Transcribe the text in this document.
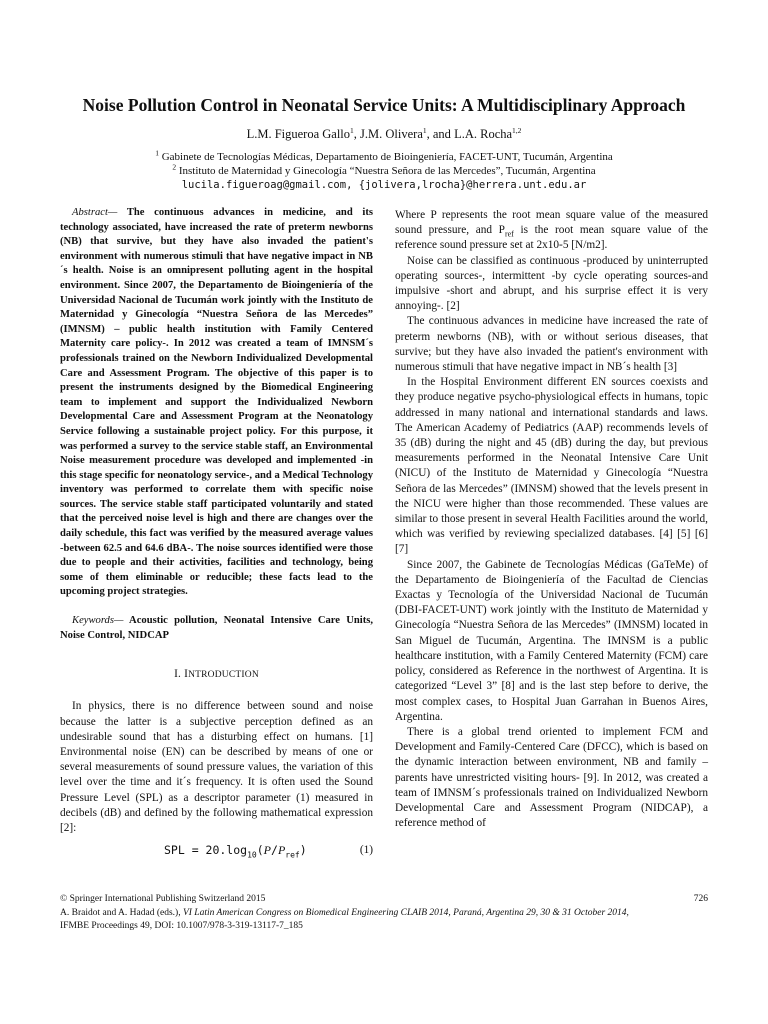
Noise Pollution Control in Neonatal Service Units: A Multidisciplinary Approach
L.M. Figueroa Gallo$^1$, J.M. Olivera$^1$, and L.A. Rocha$^{1,2}$
$^1$ Gabinete de Tecnologías Médicas, Departamento de Bioingeniería, FACET-UNT, Tucumán, Argentina
$^2$ Instituto de Maternidad y Ginecología “Nuestra Señora de las Mercedes”, Tucumán, Argentina
lucila.figueroag@gmail.com, {jolivera,lrocha}@herrera.unt.edu.ar

Abstract— The continuous advances in medicine, and its technology associated, have increased the rate of preterm newborns (NB) that survive, but they have also invaded the patient's environment with numerous stimuli that have negative impact in NB´s health. Noise is an omnipresent polluting agent in the hospital environment. Since 2007, the Departamento de Bioingeniería of the Universidad Nacional de Tucumán work jointly with the Instituto de Maternidad y Ginecología “Nuestra Señora de las Mercedes” (IMNSM) – public health institution with Family Centered Maternity care policy-. In 2012 was created a team of IMNSM´s professionals trained on the Newborn Individualized Developmental Care and Assessment Program. The objective of this paper is to present the instruments designed by the Biomedical Engineering team to implement and support the Individualized Newborn Developmental Care and Assessment Program at the Neonatology Service following a sustainable project policy. For this purpose, it was performed a survey to the service stable staff, an Environmental Noise measurement procedure was developed and implemented -in this stage specific for neonatology service-, and a Medical Technology inventory was performed to correlate them with specific noise sources. The service stable staff participated voluntarily and stated that the perceived noise level is high and there are changes over the daily schedule, this fact was verified by the measured average values -between 62.5 and 64.6 dBA-. The noise sources identified were those due to people and their activities, facilities and technology, being some of them eliminable or reducible; these facts lead to the upcoming project strategies.

Keywords— Acoustic pollution, Neonatal Intensive Care Units, Noise Control, NIDCAP

I. INTRODUCTION

In physics, there is no difference between sound and noise because the latter is a subjective perception defined as an undesirable sound that has a disturbing effect on humans. [1] Environmental noise (EN) can be described by means of one or several measurements of sound pressure values, the variation of this level over the time and it´s frequency. It is often used the Sound Pressure Level (SPL) as a descriptor parameter (1) measured in decibels (dB) and defined by the following mathematical expression [2]:

SPL = $20.\log_{10}(P/P_{ref})$	(1)

Where P represents the root mean square value of the measured sound pressure, and $P_{ref}$ is the root mean square value of the reference sound pressure set at 2x10-5 [N/m2].

Noise can be classified as continuous -produced by uninterrupted operating sources-, intermittent -by cycle operating sources-and impulsive -short and abrupt, and his surprise effect it is very annoying-. [2]

The continuous advances in medicine have increased the rate of preterm newborns (NB), with or without serious diseases, that survive; but they have also invaded the patient's environment with numerous stimuli that have negative impact in NB´s health [3]

In the Hospital Environment different EN sources coexists and they produce negative psycho-physiological effects in humans, topic addressed in many national and international standards and laws. The American Academy of Pediatrics (AAP) recommends levels of 35 (dB) during the night and 45 (dB) during the day, but previous measurements performed in the Neonatal Intensive Care Unit (NICU) of the Instituto de Maternidad y Ginecología “Nuestra Señora de las Mercedes” (IMNSM) showed that the levels present in the NICU were higher than those recommended. These values are similar to those present in several Health Facilities around the world, which was verified by reviewing specialized databases. [4] [5] [6] [7]

Since 2007, the Gabinete de Tecnologías Médicas (GaTeMe) of the Departamento de Bioingeniería of the Facultad de Ciencias Exactas y Tecnología of the Universidad Nacional de Tucumán (DBI-FACET-UNT) work jointly with the Instituto de Maternidad y Ginecología “Nuestra Señora de las Mercedes” (IMNSM) located in San Miguel de Tucumán, Argentina. The IMNSM is a public healthcare institution, with a Family Centered Maternity (FCM) care policy, considered as Reference in the northwest of Argentina. It is categorized “Level 3” [8] and is the last step before to derive, the most complex cases, to Hospital Juan Garrahan in Buenos Aires, Argentina.

There is a global trend oriented to implement FCM and Development and Family-Centered Care (DFCC), which is based on the dynamic interaction between environment, NB and family –parents have unrestricted visiting hours- [9]. In 2012, was created a team of IMNSM´s professionals trained on Individualized Newborn Developmental Care and Assessment Program (NIDCAP), a reference method of

© Springer International Publishing Switzerland 2015	726
A. Braidot and A. Hadad (eds.), VI Latin American Congress on Biomedical Engineering CLAIB 2014, Paraná, Argentina 29, 30 & 31 October 2014,
IFMBE Proceedings 49, DOI: 10.1007/978-3-319-13117-7_185
